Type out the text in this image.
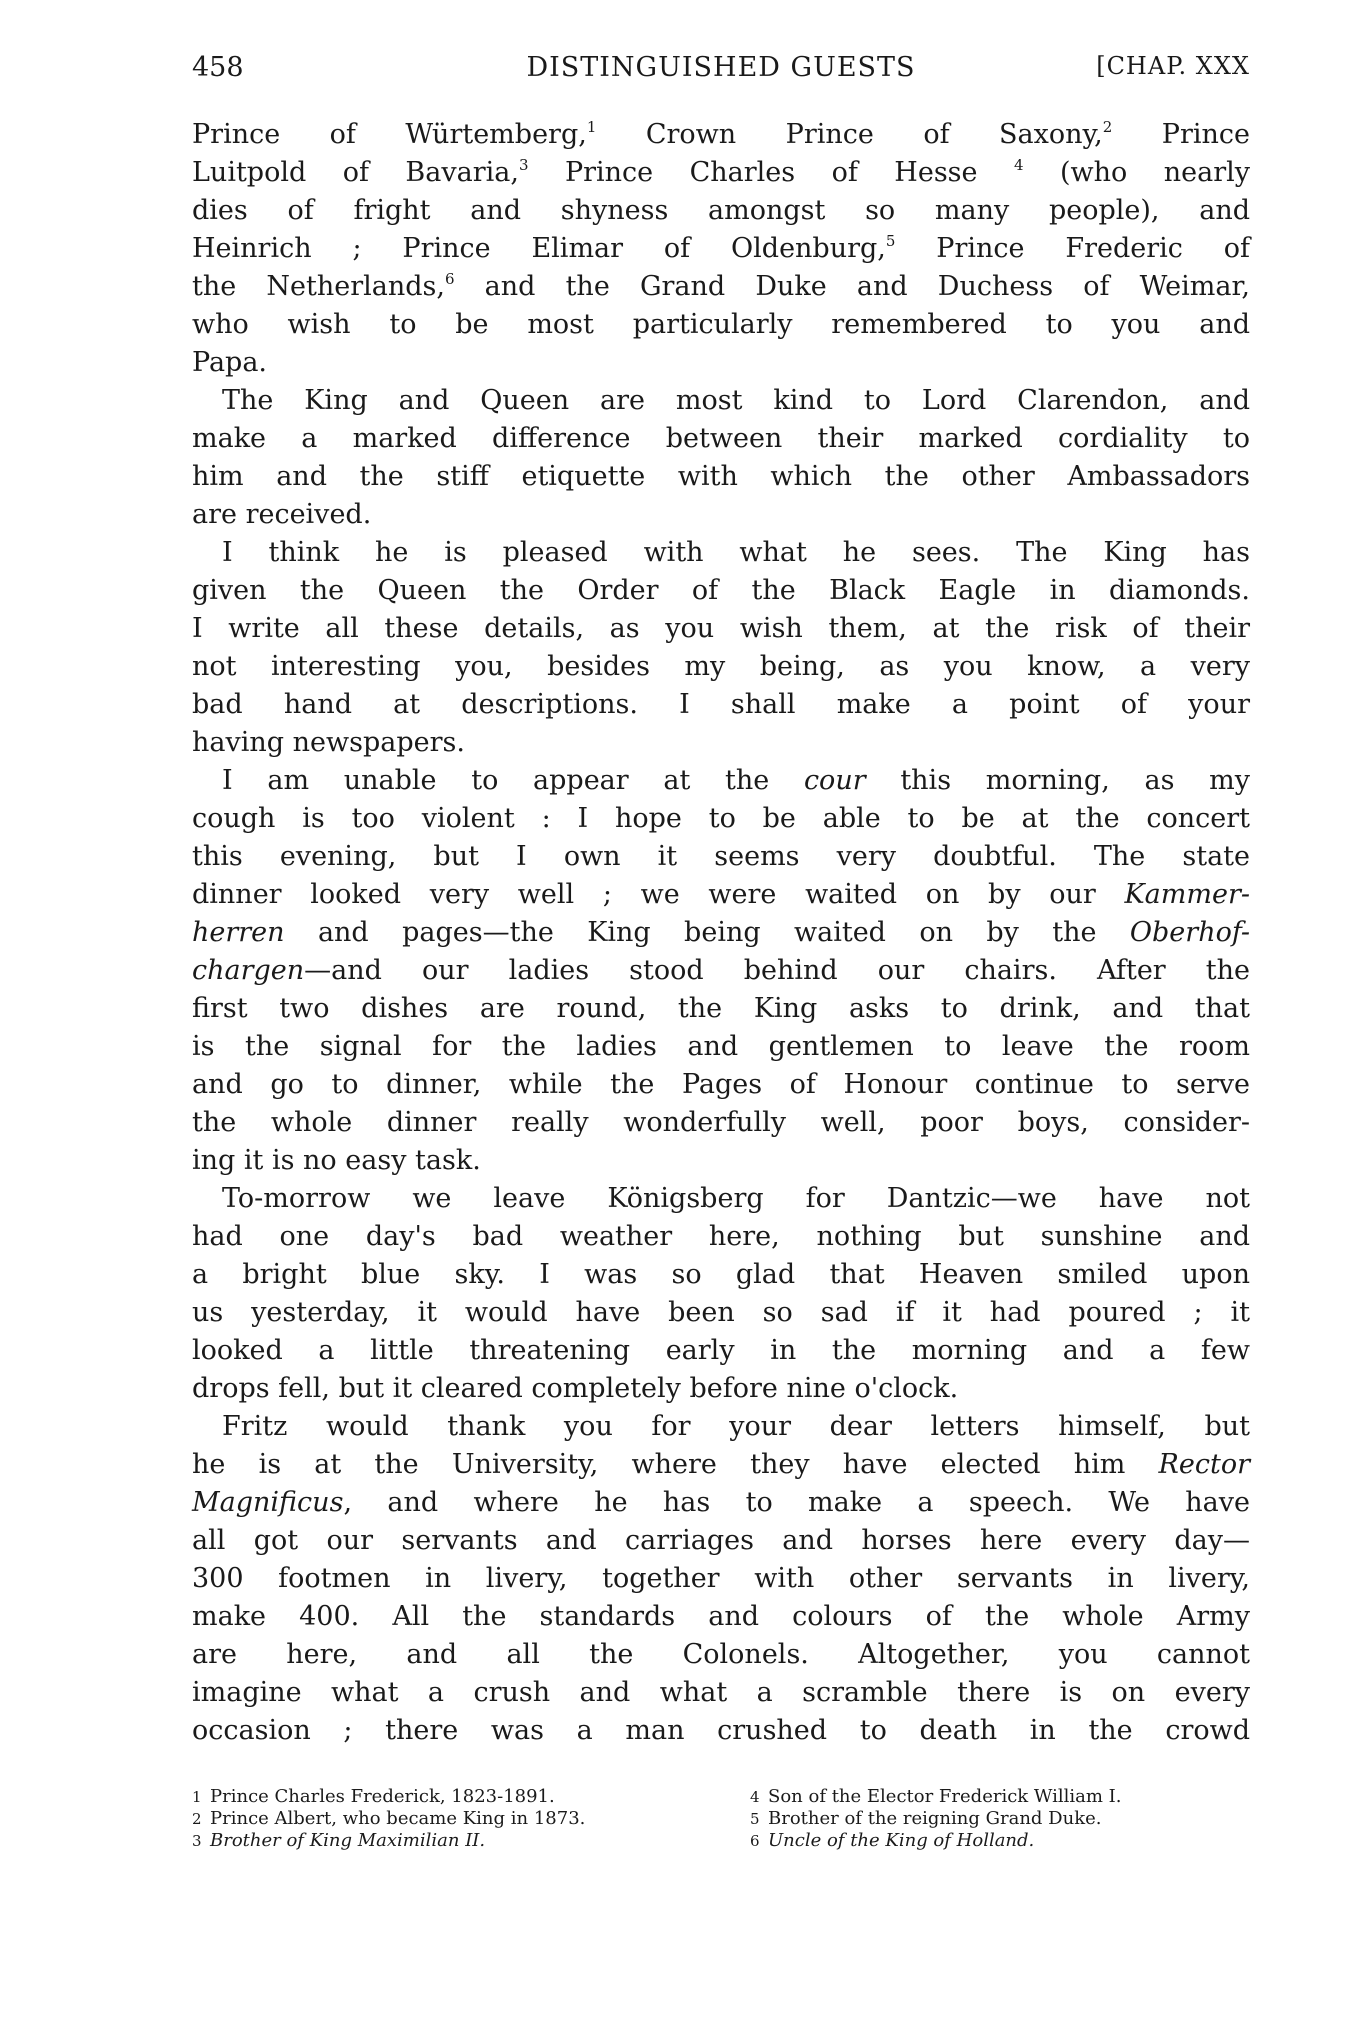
458	DISTINGUISHED GUESTS	[CHAP. XXX
Prince of Würtemberg,$^1$ Crown Prince of Saxony,$^2$ Prince
Luitpold of Bavaria,$^3$ Prince Charles of Hesse $^4$ (who nearly
dies of fright and shyness amongst so many people), and
Heinrich ; Prince Elimar of Oldenburg,$^5$ Prince Frederic of
the Netherlands,$^6$ and the Grand Duke and Duchess of Weimar,
who wish to be most particularly remembered to you and
Papa.
The King and Queen are most kind to Lord Clarendon, and
make a marked difference between their marked cordiality to
him and the stiff etiquette with which the other Ambassadors
are received.
I think he is pleased with what he sees. The King has
given the Queen the Order of the Black Eagle in diamonds.
I write all these details, as you wish them, at the risk of their
not interesting you, besides my being, as you know, a very
bad hand at descriptions. I shall make a point of your
having newspapers.
I am unable to appear at the cour this morning, as my
cough is too violent : I hope to be able to be at the concert
this evening, but I own it seems very doubtful. The state
dinner looked very well ; we were waited on by our Kammer-
herren and pages—the King being waited on by the Oberhof-
chargen—and our ladies stood behind our chairs. After the
first two dishes are round, the King asks to drink, and that
is the signal for the ladies and gentlemen to leave the room
and go to dinner, while the Pages of Honour continue to serve
the whole dinner really wonderfully well, poor boys, consider-
ing it is no easy task.
To-morrow we leave Königsberg for Dantzic—we have not
had one day's bad weather here, nothing but sunshine and
a bright blue sky. I was so glad that Heaven smiled upon
us yesterday, it would have been so sad if it had poured ; it
looked a little threatening early in the morning and a few
drops fell, but it cleared completely before nine o'clock.
Fritz would thank you for your dear letters himself, but
he is at the University, where they have elected him Rector
Magnificus, and where he has to make a speech. We have
all got our servants and carriages and horses here every day—
300 footmen in livery, together with other servants in livery,
make 400. All the standards and colours of the whole Army
are here, and all the Colonels. Altogether, you cannot
imagine what a crush and what a scramble there is on every
occasion ; there was a man crushed to death in the crowd
1 Prince Charles Frederick, 1823-1891.
2 Prince Albert, who became King in 1873.
3 Brother of King Maximilian II.
4 Son of the Elector Frederick William I.
5 Brother of the reigning Grand Duke.
6 Uncle of the King of Holland.
